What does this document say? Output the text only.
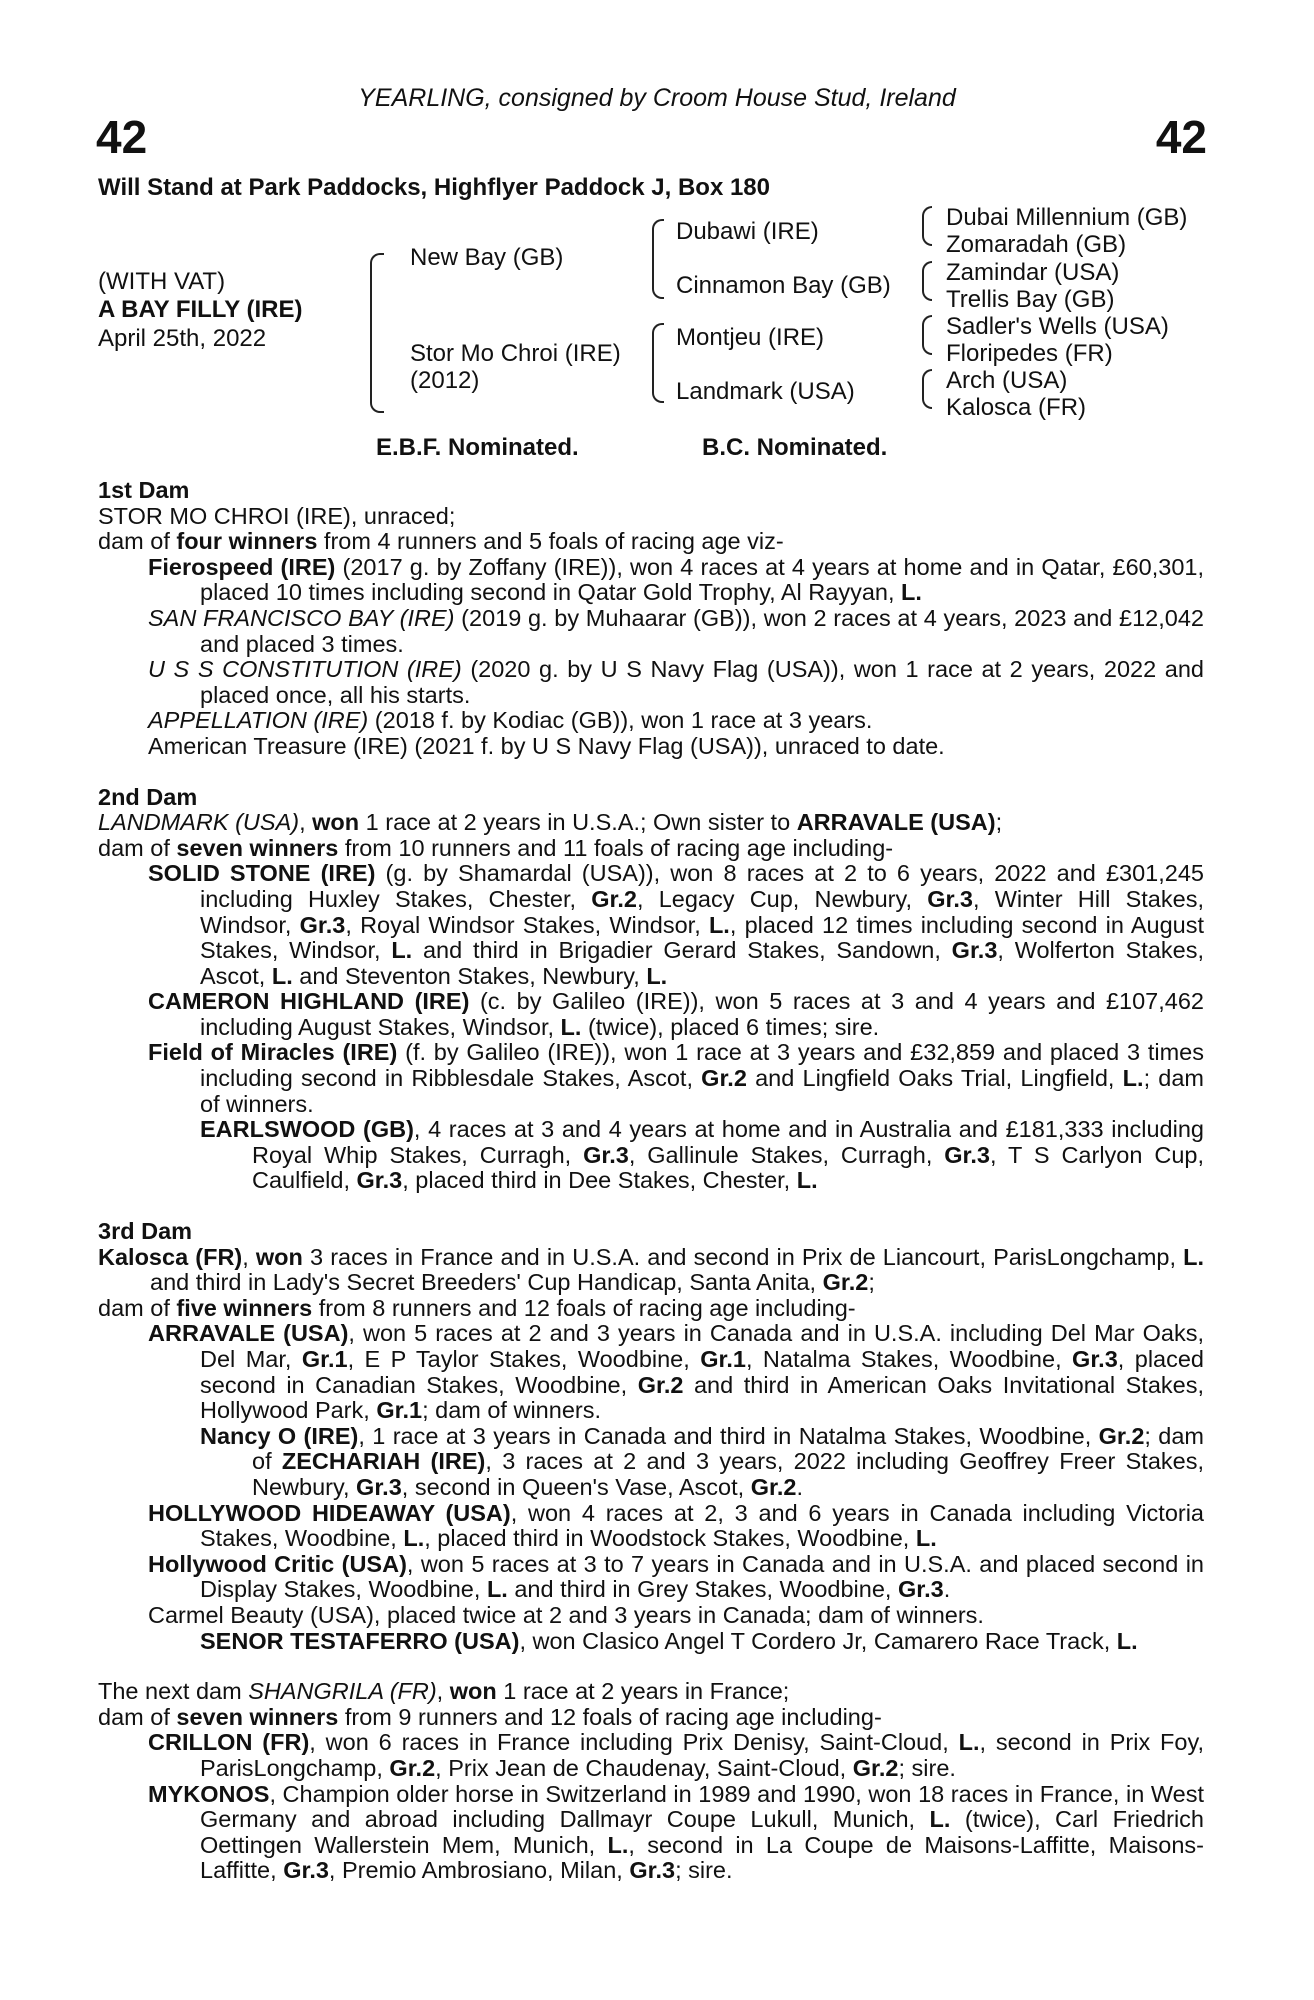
YEARLING, consigned by Croom House Stud, Ireland
42	42
Will Stand at Park Paddocks, Highflyer Paddock J, Box 180
(WITH VAT)
A BAY FILLY (IRE)
April 25th, 2022
New Bay (GB)
Stor Mo Chroi (IRE)
(2012)
Dubawi (IRE)
Cinnamon Bay (GB)
Montjeu (IRE)
Landmark (USA)
Dubai Millennium (GB)
Zomaradah (GB)
Zamindar (USA)
Trellis Bay (GB)
Sadler's Wells (USA)
Floripedes (FR)
Arch (USA)
Kalosca (FR)
E.B.F. Nominated.	B.C. Nominated.

1st Dam

STOR MO CHROI (IRE), unraced;

dam of four winners from 4 runners and 5 foals of racing age viz-

Fierospeed (IRE) (2017 g. by Zoffany (IRE)), won 4 races at 4 years at home and in Qatar, £60,301, placed 10 times including second in Qatar Gold Trophy, Al Rayyan, L.

SAN FRANCISCO BAY (IRE) (2019 g. by Muhaarar (GB)), won 2 races at 4 years, 2023 and £12,042 and placed 3 times.

U S S CONSTITUTION (IRE) (2020 g. by U S Navy Flag (USA)), won 1 race at 2 years, 2022 and placed once, all his starts.

APPELLATION (IRE) (2018 f. by Kodiac (GB)), won 1 race at 3 years.

American Treasure (IRE) (2021 f. by U S Navy Flag (USA)), unraced to date.

2nd Dam

LANDMARK (USA), won 1 race at 2 years in U.S.A.; Own sister to ARRAVALE (USA);

dam of seven winners from 10 runners and 11 foals of racing age including-

SOLID STONE (IRE) (g. by Shamardal (USA)), won 8 races at 2 to 6 years, 2022 and £301,245 including Huxley Stakes, Chester, Gr.2, Legacy Cup, Newbury, Gr.3, Winter Hill Stakes, Windsor, Gr.3, Royal Windsor Stakes, Windsor, L., placed 12 times including second in August Stakes, Windsor, L. and third in Brigadier Gerard Stakes, Sandown, Gr.3, Wolferton Stakes, Ascot, L. and Steventon Stakes, Newbury, L.

CAMERON HIGHLAND (IRE) (c. by Galileo (IRE)), won 5 races at 3 and 4 years and £107,462 including August Stakes, Windsor, L. (twice), placed 6 times; sire.

Field of Miracles (IRE) (f. by Galileo (IRE)), won 1 race at 3 years and £32,859 and placed 3 times including second in Ribblesdale Stakes, Ascot, Gr.2 and Lingfield Oaks Trial, Lingfield, L.; dam of winners.

EARLSWOOD (GB), 4 races at 3 and 4 years at home and in Australia and £181,333 including Royal Whip Stakes, Curragh, Gr.3, Gallinule Stakes, Curragh, Gr.3, T S Carlyon Cup, Caulfield, Gr.3, placed third in Dee Stakes, Chester, L.

3rd Dam

Kalosca (FR), won 3 races in France and in U.S.A. and second in Prix de Liancourt, ParisLongchamp, L. and third in Lady's Secret Breeders' Cup Handicap, Santa Anita, Gr.2;

dam of five winners from 8 runners and 12 foals of racing age including-

ARRAVALE (USA), won 5 races at 2 and 3 years in Canada and in U.S.A. including Del Mar Oaks, Del Mar, Gr.1, E P Taylor Stakes, Woodbine, Gr.1, Natalma Stakes, Woodbine, Gr.3, placed second in Canadian Stakes, Woodbine, Gr.2 and third in American Oaks Invitational Stakes, Hollywood Park, Gr.1; dam of winners.

Nancy O (IRE), 1 race at 3 years in Canada and third in Natalma Stakes, Woodbine, Gr.2; dam of ZECHARIAH (IRE), 3 races at 2 and 3 years, 2022 including Geoffrey Freer Stakes, Newbury, Gr.3, second in Queen's Vase, Ascot, Gr.2.

HOLLYWOOD HIDEAWAY (USA), won 4 races at 2, 3 and 6 years in Canada including Victoria Stakes, Woodbine, L., placed third in Woodstock Stakes, Woodbine, L.

Hollywood Critic (USA), won 5 races at 3 to 7 years in Canada and in U.S.A. and placed second in Display Stakes, Woodbine, L. and third in Grey Stakes, Woodbine, Gr.3.

Carmel Beauty (USA), placed twice at 2 and 3 years in Canada; dam of winners.

SENOR TESTAFERRO (USA), won Clasico Angel T Cordero Jr, Camarero Race Track, L.

The next dam SHANGRILA (FR), won 1 race at 2 years in France;

dam of seven winners from 9 runners and 12 foals of racing age including-

CRILLON (FR), won 6 races in France including Prix Denisy, Saint-Cloud, L., second in Prix Foy, ParisLongchamp, Gr.2, Prix Jean de Chaudenay, Saint-Cloud, Gr.2; sire.

MYKONOS, Champion older horse in Switzerland in 1989 and 1990, won 18 races in France, in West Germany and abroad including Dallmayr Coupe Lukull, Munich, L. (twice), Carl Friedrich Oettingen Wallerstein Mem, Munich, L., second in La Coupe de Maisons-Laffitte, Maisons-Laffitte, Gr.3, Premio Ambrosiano, Milan, Gr.3; sire.
